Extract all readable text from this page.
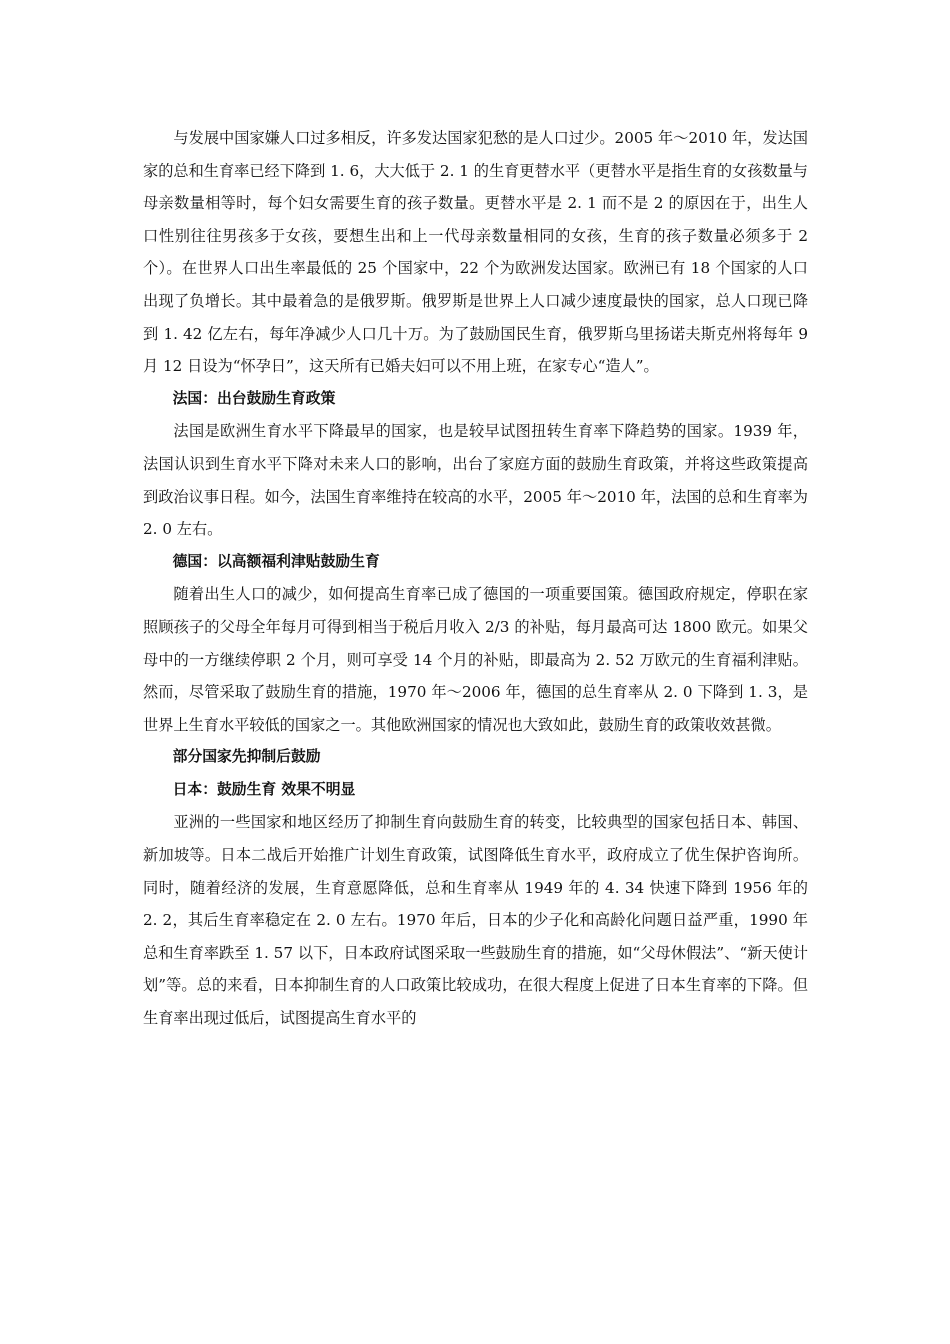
与发展中国家嫌人口过多相反，许多发达国家犯愁的是人口过少。2005 年～2010 年，发达国家的总和生育率已经下降到 1. 6，大大低于 2. 1 的生育更替水平（更替水平是指生育的女孩数量与母亲数量相等时，每个妇女需要生育的孩子数量。更替水平是 2. 1 而不是 2 的原因在于，出生人口性别往往男孩多于女孩，要想生出和上一代母亲数量相同的女孩，生育的孩子数量必须多于 2 个）。在世界人口出生率最低的 25 个国家中，22 个为欧洲发达国家。欧洲已有 18 个国家的人口出现了负增长。其中最着急的是俄罗斯。俄罗斯是世界上人口减少速度最快的国家，总人口现已降到 1. 42 亿左右，每年净减少人口几十万。为了鼓励国民生育，俄罗斯乌里扬诺夫斯克州将每年 9 月 12 日设为“怀孕日”，这天所有已婚夫妇可以不用上班，在家专心“造人”。

法国：出台鼓励生育政策

法国是欧洲生育水平下降最早的国家，也是较早试图扭转生育率下降趋势的国家。1939 年，法国认识到生育水平下降对未来人口的影响，出台了家庭方面的鼓励生育政策，并将这些政策提高到政治议事日程。如今，法国生育率维持在较高的水平，2005 年～2010 年，法国的总和生育率为 2. 0 左右。

德国：以高额福利津贴鼓励生育

随着出生人口的减少，如何提高生育率已成了德国的一项重要国策。德国政府规定，停职在家照顾孩子的父母全年每月可得到相当于税后月收入 2/3 的补贴，每月最高可达 1800 欧元。如果父母中的一方继续停职 2 个月，则可享受 14 个月的补贴，即最高为 2. 52 万欧元的生育福利津贴。然而，尽管采取了鼓励生育的措施，1970 年～2006 年，德国的总生育率从 2. 0 下降到 1. 3，是世界上生育水平较低的国家之一。其他欧洲国家的情况也大致如此，鼓励生育的政策收效甚微。

部分国家先抑制后鼓励

日本：鼓励生育 效果不明显

亚洲的一些国家和地区经历了抑制生育向鼓励生育的转变，比较典型的国家包括日本、韩国、新加坡等。日本二战后开始推广计划生育政策，试图降低生育水平，政府成立了优生保护咨询所。同时，随着经济的发展，生育意愿降低，总和生育率从 1949 年的 4. 34 快速下降到 1956 年的 2. 2，其后生育率稳定在 2. 0 左右。1970 年后，日本的少子化和高龄化问题日益严重，1990 年总和生育率跌至 1. 57 以下，日本政府试图采取一些鼓励生育的措施，如“父母休假法”、“新天使计划”等。总的来看，日本抑制生育的人口政策比较成功，在很大程度上促进了日本生育率的下降。但生育率出现过低后，试图提高生育水平的
